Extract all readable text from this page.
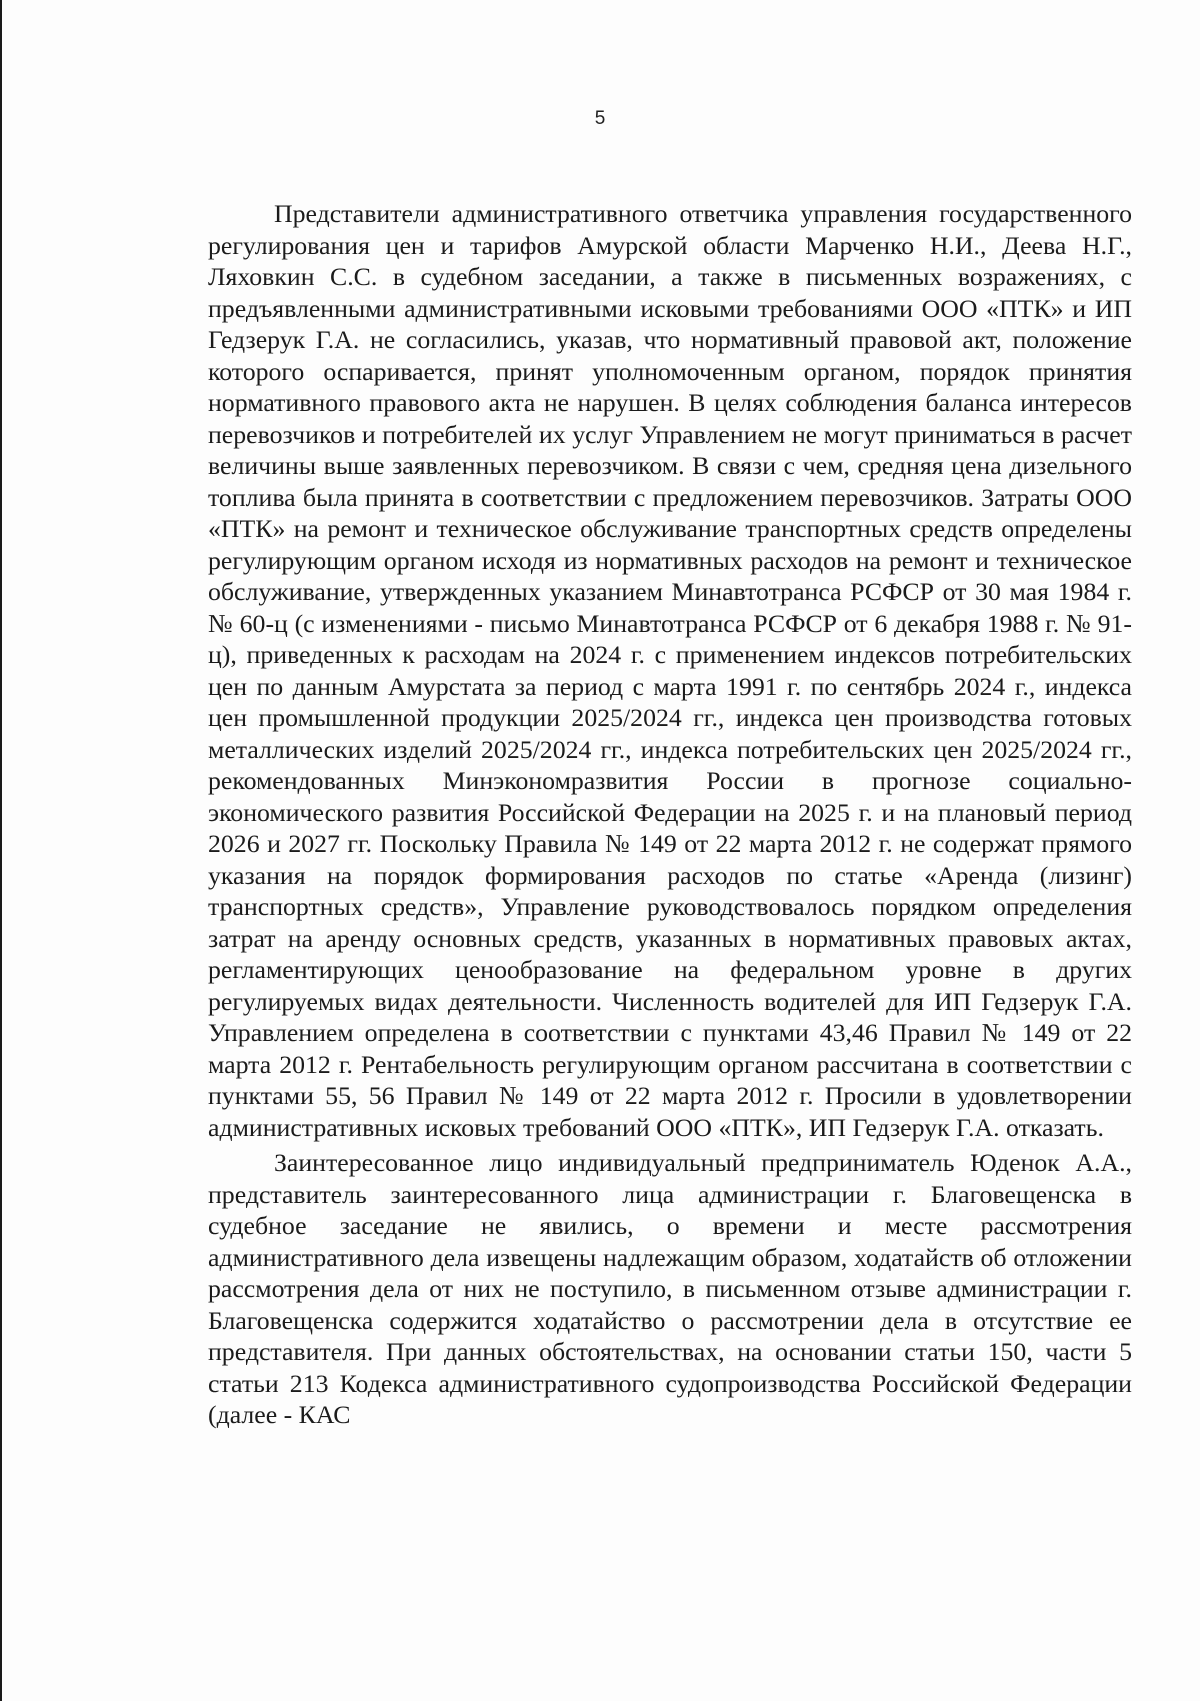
5

Представители административного ответчика управления государственного регулирования цен и тарифов Амурской области Марченко Н.И., Деева Н.Г., Ляховкин С.С. в судебном заседании, а также в письменных возражениях, с предъявленными административными исковыми требованиями ООО «ПТК» и ИП Гедзерук Г.А. не согласились, указав, что нормативный правовой акт, положение которого оспаривается, принят уполномоченным органом, порядок принятия нормативного правового акта не нарушен. В целях соблюдения баланса интересов перевозчиков и потребителей их услуг Управлением не могут приниматься в расчет величины выше заявленных перевозчиком. В связи с чем, средняя цена дизельного топлива была принята в соответствии с предложением перевозчиков. Затраты ООО «ПТК» на ремонт и техническое обслуживание транспортных средств определены регулирующим органом исходя из нормативных расходов на ремонт и техническое обслуживание, утвержденных указанием Минавтотранса РСФСР от 30 мая 1984 г. № 60-ц (с изменениями - письмо Минавтотранса РСФСР от 6 декабря 1988 г. № 91-ц), приведенных к расходам на 2024 г. с применением индексов потребительских цен по данным Амурстата за период с марта 1991 г. по сентябрь 2024 г., индекса цен промышленной продукции 2025/2024 гг., индекса цен производства готовых металлических изделий 2025/2024 гг., индекса потребительских цен 2025/2024 гг., рекомендованных Минэкономразвития России в прогнозе социально-экономического развития Российской Федерации на 2025 г. и на плановый период 2026 и 2027 гг. Поскольку Правила № 149 от 22 марта 2012 г. не содержат прямого указания на порядок формирования расходов по статье «Аренда (лизинг) транспортных средств», Управление руководствовалось порядком определения затрат на аренду основных средств, указанных в нормативных правовых актах, регламентирующих ценообразование на федеральном уровне в других регулируемых видах деятельности. Численность водителей для ИП Гедзерук Г.А. Управлением определена в соответствии с пунктами 43,46 Правил № 149 от 22 марта 2012 г. Рентабельность регулирующим органом рассчитана в соответствии с пунктами 55, 56 Правил № 149 от 22 марта 2012 г. Просили в удовлетворении административных исковых требований ООО «ПТК», ИП Гедзерук Г.А. отказать.

Заинтересованное лицо индивидуальный предприниматель Юденок А.А., представитель заинтересованного лица администрации г. Благовещенска в судебное заседание не явились, о времени и месте рассмотрения административного дела извещены надлежащим образом, ходатайств об отложении рассмотрения дела от них не поступило, в письменном отзыве администрации г. Благовещенска содержится ходатайство о рассмотрении дела в отсутствие ее представителя. При данных обстоятельствах, на основании статьи 150, части 5 статьи 213 Кодекса административного судопроизводства Российской Федерации (далее - КАС
